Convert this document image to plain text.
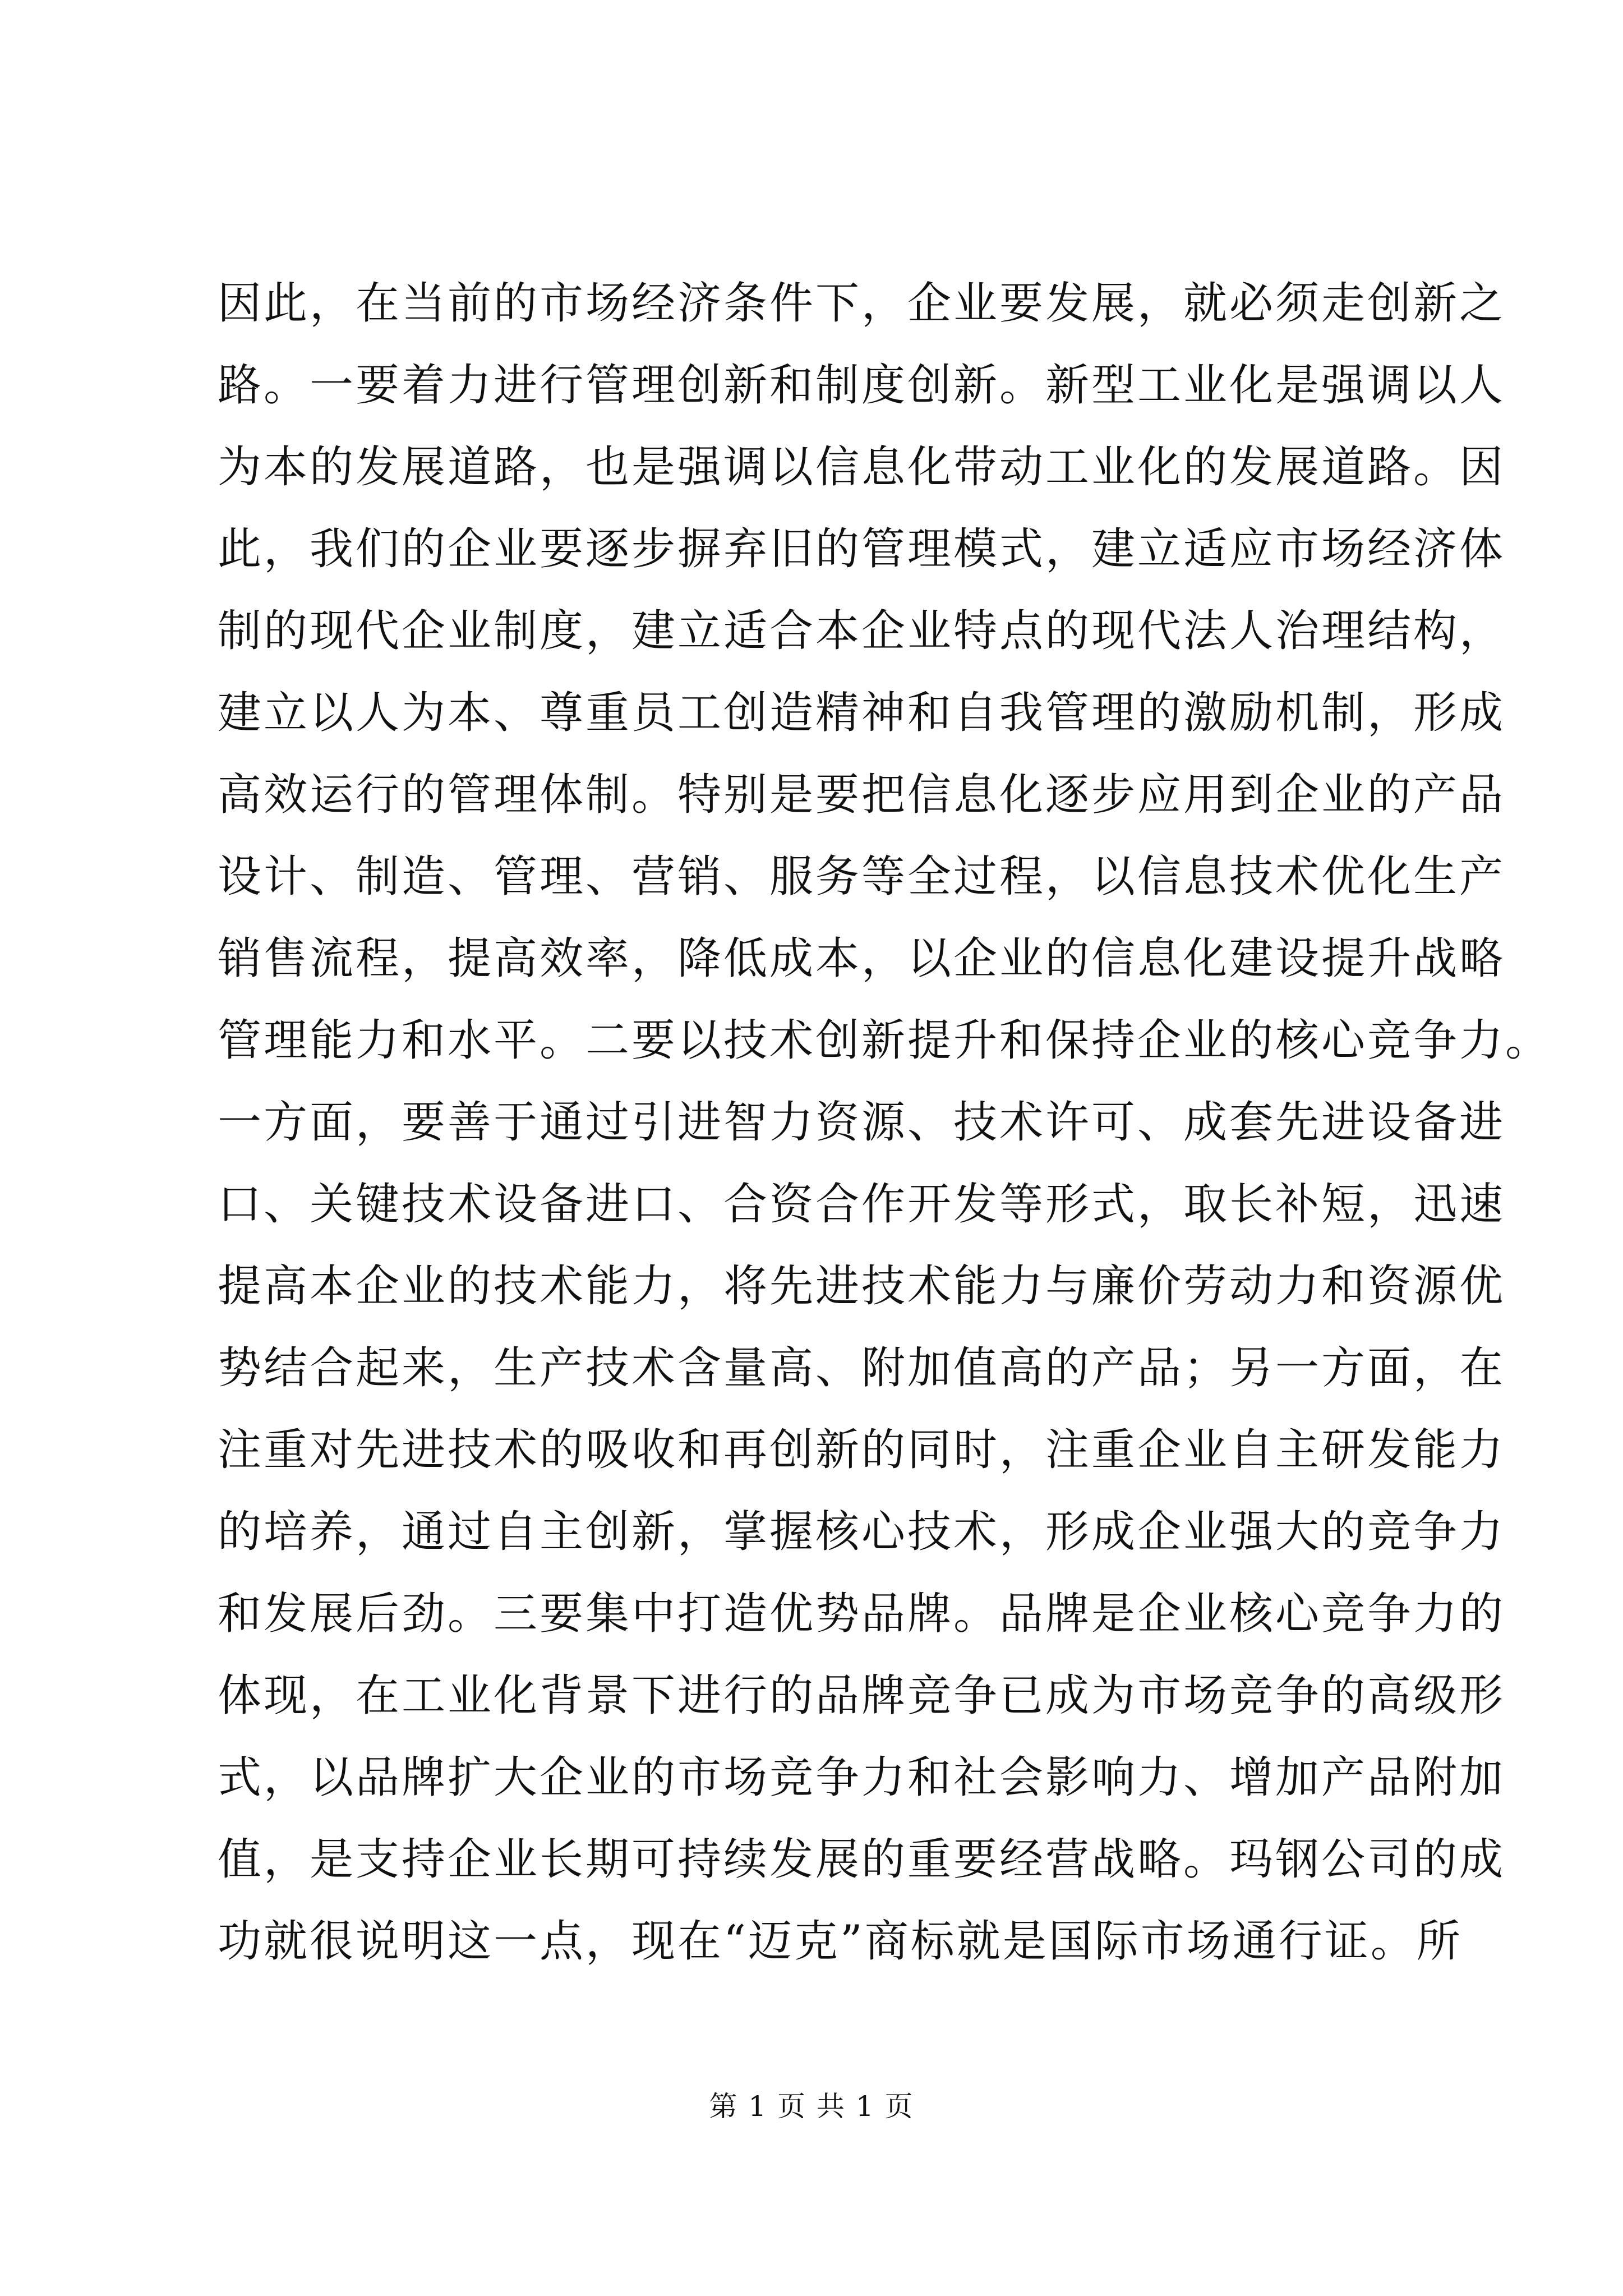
因此，在当前的市场经济条件下，企业要发展，就必须走创新之
路。一要着力进行管理创新和制度创新。新型工业化是强调以人
为本的发展道路，也是强调以信息化带动工业化的发展道路。因
此，我们的企业要逐步摒弃旧的管理模式，建立适应市场经济体
制的现代企业制度，建立适合本企业特点的现代法人治理结构，
建立以人为本、尊重员工创造精神和自我管理的激励机制，形成
高效运行的管理体制。特别是要把信息化逐步应用到企业的产品
设计、制造、管理、营销、服务等全过程，以信息技术优化生产
销售流程，提高效率，降低成本，以企业的信息化建设提升战略
管理能力和水平。二要以技术创新提升和保持企业的核心竞争力。
一方面，要善于通过引进智力资源、技术许可、成套先进设备进
口、关键技术设备进口、合资合作开发等形式，取长补短，迅速
提高本企业的技术能力，将先进技术能力与廉价劳动力和资源优
势结合起来，生产技术含量高、附加值高的产品；另一方面，在
注重对先进技术的吸收和再创新的同时，注重企业自主研发能力
的培养，通过自主创新，掌握核心技术，形成企业强大的竞争力
和发展后劲。三要集中打造优势品牌。品牌是企业核心竞争力的
体现，在工业化背景下进行的品牌竞争已成为市场竞争的高级形
式，以品牌扩大企业的市场竞争力和社会影响力、增加产品附加
值，是支持企业长期可持续发展的重要经营战略。玛钢公司的成
功就很说明这一点，现在“迈克”商标就是国际市场通行证。所
第 1 页 共 1 页
